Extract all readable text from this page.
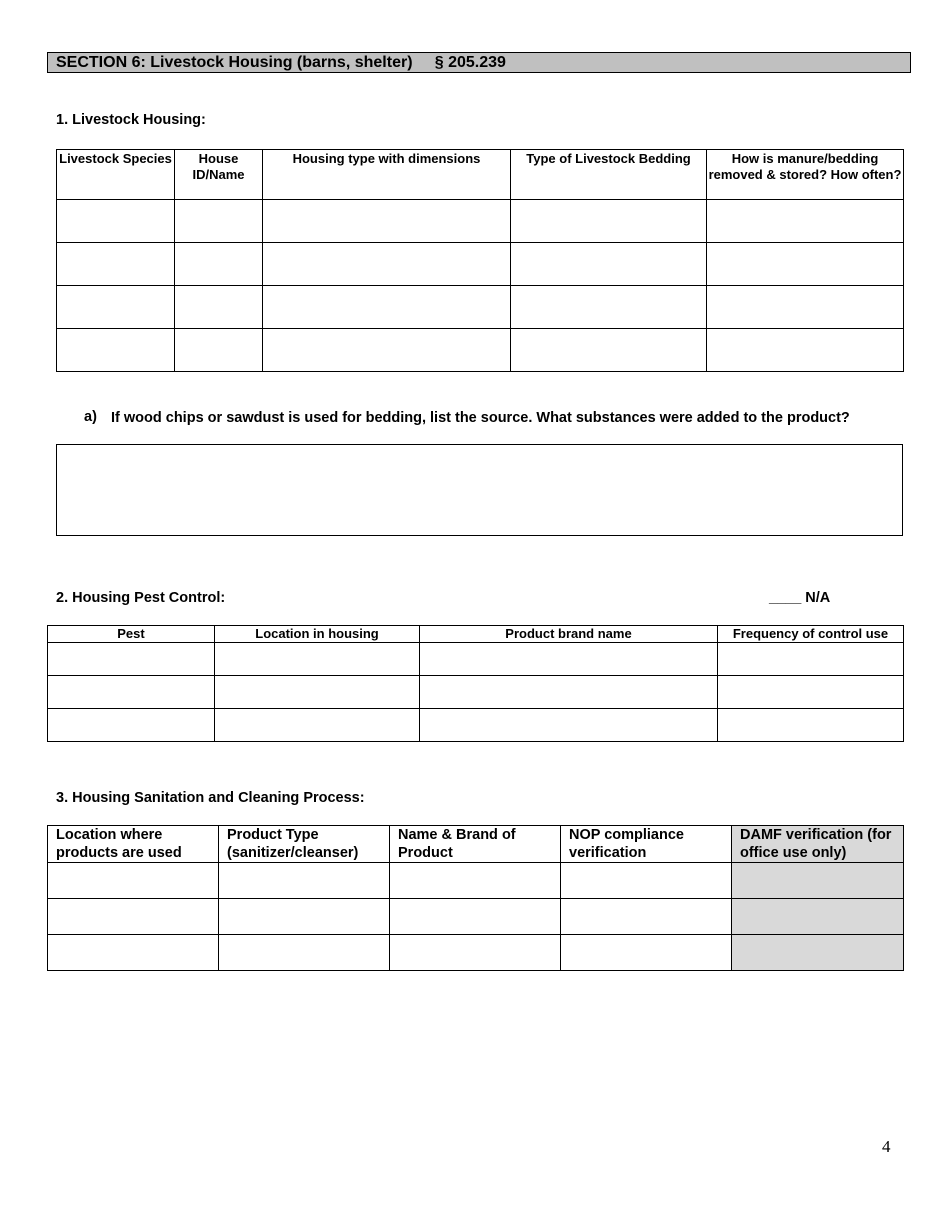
SECTION 6: Livestock Housing (barns, shelter) § 205.239
1. Livestock Housing:
Livestock Species	House ID/Name	Housing type with dimensions	Type of Livestock Bedding	How is manure/bedding removed & stored? How often?

a) If wood chips or sawdust is used for bedding, list the source. What substances were added to the product?
2. Housing Pest Control:	____ N/A
Pest	Location in housing	Product brand name	Frequency of control use

3. Housing Sanitation and Cleaning Process:
Location where products are used	Product Type (sanitizer/cleanser)	Name & Brand of Product	NOP compliance verification	DAMF verification (for office use only)

4
